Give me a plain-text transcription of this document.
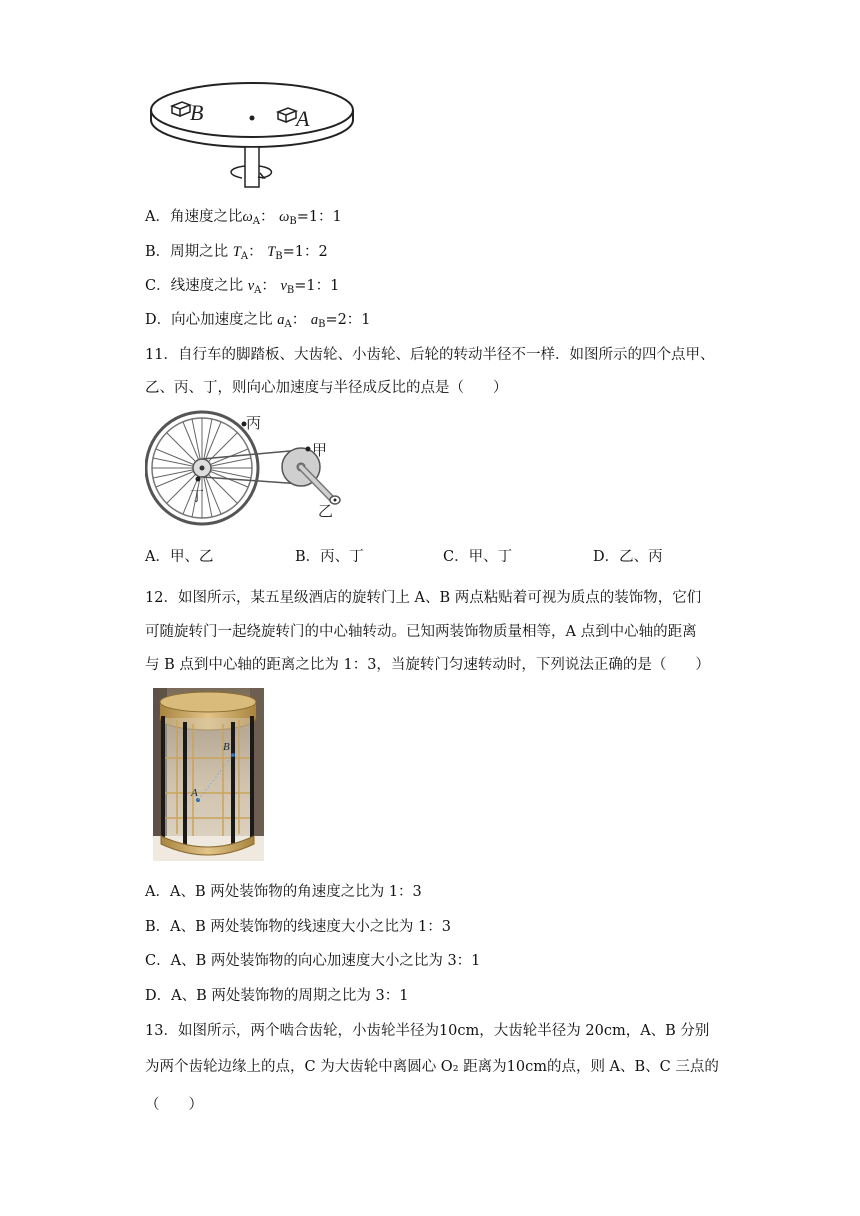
B	A
A．角速度之比$\omega_A$： $\omega_B=1$：1
B．周期之比 $T_A$： $T_B=1$：2
C．线速度之比 $v_A$： $v_B=1$：1
D．向心加速度之比 $a_A$： $a_B=2$：1
11．自行车的脚踏板、大齿轮、小齿轮、后轮的转动半径不一样．如图所示的四个点甲、
乙、丙、丁，则向心加速度与半径成反比的点是（　　）
丙
甲
丁
乙
A．甲、乙	B．丙、丁	C．甲、丁	D．乙、丙
12．如图所示，某五星级酒店的旋转门上 A、B 两点粘贴着可视为质点的装饰物，它们
可随旋转门一起绕旋转门的中心轴转动。已知两装饰物质量相等，A 点到中心轴的距离
与 B 点到中心轴的距离之比为 1：3，当旋转门匀速转动时，下列说法正确的是（　　）
B
A
A．A、B 两处装饰物的角速度之比为 1：3
B．A、B 两处装饰物的线速度大小之比为 1：3
C．A、B 两处装饰物的向心加速度大小之比为 3：1
D．A、B 两处装饰物的周期之比为 3：1
13．如图所示，两个啮合齿轮，小齿轮半径为10cm，大齿轮半径为 20cm，A、B 分别
为两个齿轮边缘上的点，C 为大齿轮中离圆心 O₂ 距离为10cm的点，则 A、B、C 三点的
（　　）
